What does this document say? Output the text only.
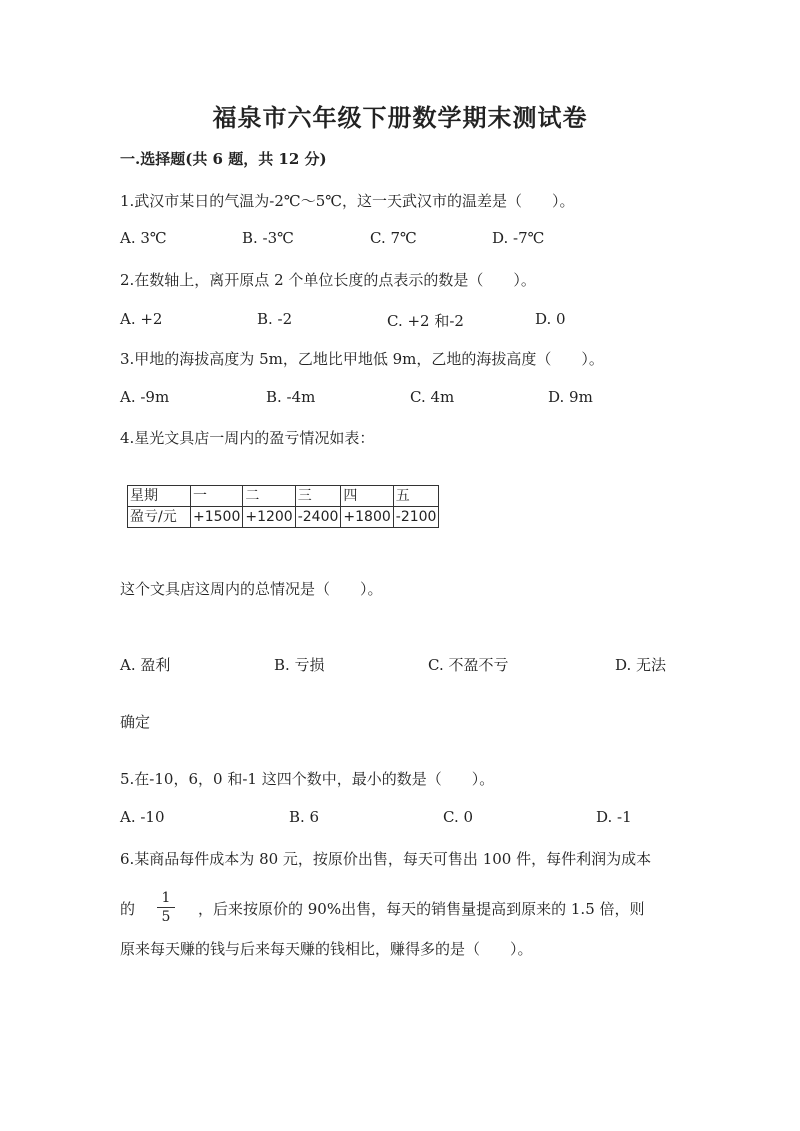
福泉市六年级下册数学期末测试卷
一.选择题(共 6 题，共 12 分)
1.武汉市某日的气温为-2℃～5℃，这一天武汉市的温差是（　　）。
A. 3℃	B. -3℃	C. 7℃	D. -7℃
2.在数轴上，离开原点 2 个单位长度的点表示的数是（　　）。
A. +2	B. -2	C. +2 和-2	D. 0
3.甲地的海拔高度为 5m，乙地比甲地低 9m，乙地的海拔高度（　　）。
A. -9m	B. -4m	C. 4m	D. 9m
4.星光文具店一周内的盈亏情况如表：
星期	一	二	三	四	五
盈亏/元	+1500	+1200	-2400	+1800	-2100
这个文具店这周内的总情况是（　　）。
A. 盈利	B. 亏损	C. 不盈不亏	D. 无法
确定
5.在-10，6，0 和-1 这四个数中，最小的数是（　　）。
A. -10	B. 6	C. 0	D. -1
6.某商品每件成本为 80 元，按原价出售，每天可售出 100 件，每件利润为成本
的
1
5	，后来按原价的 90%出售，每天的销售量提高到原来的 1.5 倍，则
原来每天赚的钱与后来每天赚的钱相比，赚得多的是（　　）。
